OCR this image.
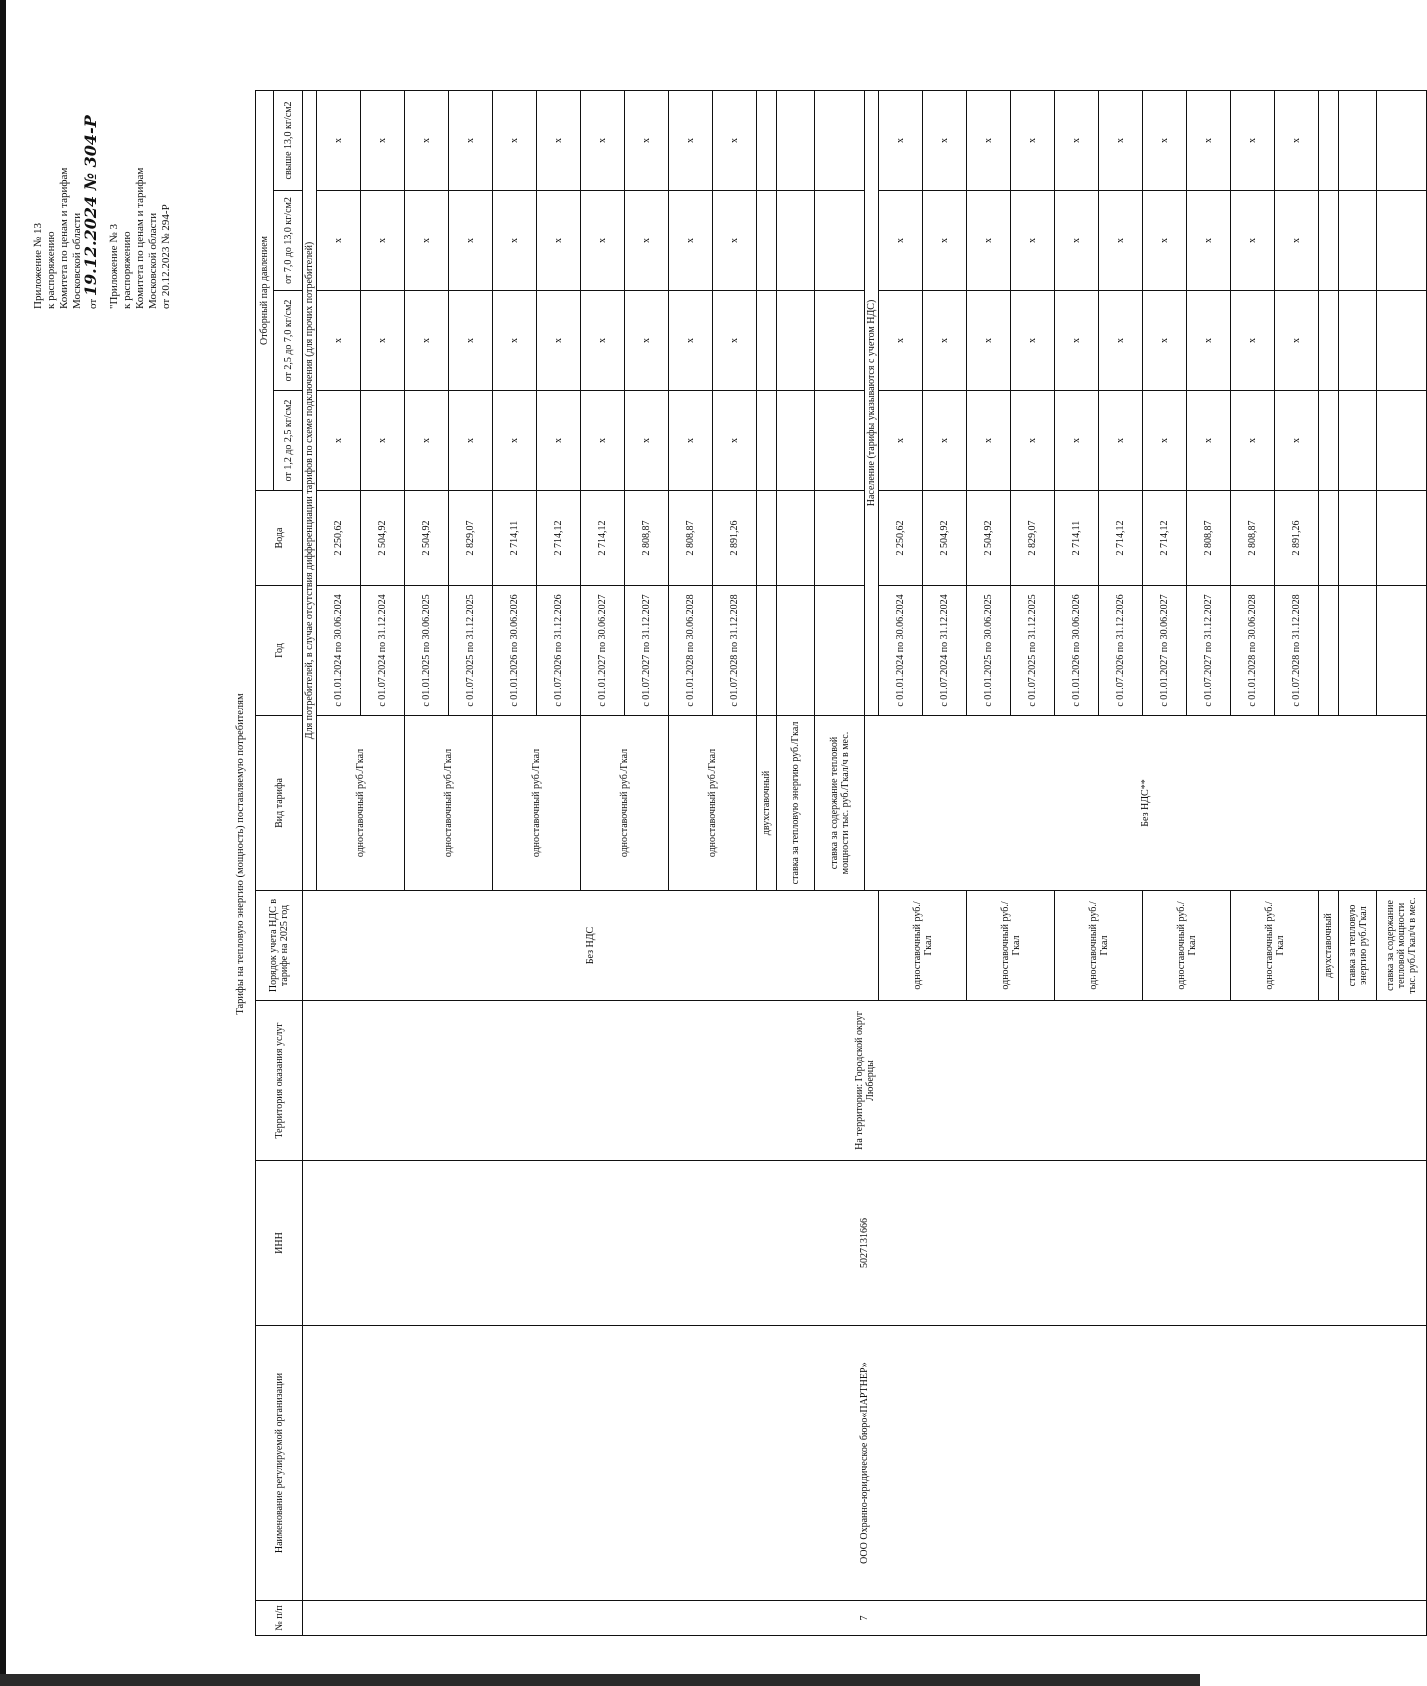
Приложение № 13 к распоряжению Комитета по ценам и тарифам Московской области от 19.12.2024 № 304-Р "Приложение № 3 к распоряжению Комитета по ценам и тарифам Московской области от 20.12.2023 № 294-Р
Тарифы на тепловую энергию (мощность) поставляемую потребителям
№ п/п	Наименование регулируемой организации	ИНН	Территория оказания услуг	Порядок учета НДС в тарифе на 2025 год	Вид тарифа	Год	Вода	Отборный пар давлением	
								от 1,2 до 2,5 кг/см2	от 2,5 до 7,0 кг/см2	от 7,0 до 13,0 кг/см2	свыше 13,0 кг/см2	
7	ООО Охранно-юридическое бюро«ПАРТНЕР»	5027131666	На территории: Городской округ Люберцы	Без НДС	Для потребителей, в случае отсутствия дифференциации тарифов по схеме подключения (для прочих потребителей)							
					одноставочный руб./Гкал	с 01.01.2024 по 30.06.2024	2 250,62	x	x	x	x	
						с 01.07.2024 по 31.12.2024	2 504,92	x	x	x	x	
					одноставочный руб./Гкал	с 01.01.2025 по 30.06.2025	2 504,92	x	x	x	x	
						с 01.07.2025 по 31.12.2025	2 829,07	x	x	x	x	
					одноставочный руб./Гкал	с 01.01.2026 по 30.06.2026	2 714,11	x	x	x	x	
						с 01.07.2026 по 31.12.2026	2 714,12	x	x	x	x	
					одноставочный руб./Гкал	с 01.01.2027 по 30.06.2027	2 714,12	x	x	x	x	
						с 01.07.2027 по 31.12.2027	2 808,87	x	x	x	x	
					одноставочный руб./Гкал	с 01.01.2028 по 30.06.2028	2 808,87	x	x	x	x	
						с 01.07.2028 по 31.12.2028	2 891,26	x	x	x	x	
					двухставочный							
					ставка за тепловую энергию руб./Гкал							
					ставка за содержание тепловой мощности тыс. руб./Гкал/ч в мес.							
					Без НДС**	Население (тарифы указываются с учетом НДС)						
				одноставочный руб./Гкал		с 01.01.2024 по 30.06.2024	2 250,62	x	x	x	x	
						с 01.07.2024 по 31.12.2024	2 504,92	x	x	x	x	
				одноставочный руб./Гкал		с 01.01.2025 по 30.06.2025	2 504,92	x	x	x	x	
						с 01.07.2025 по 31.12.2025	2 829,07	x	x	x	x	
				одноставочный руб./Гкал		с 01.01.2026 по 30.06.2026	2 714,11	x	x	x	x	
						с 01.07.2026 по 31.12.2026	2 714,12	x	x	x	x	
				одноставочный руб./Гкал		с 01.01.2027 по 30.06.2027	2 714,12	x	x	x	x	
						с 01.07.2027 по 31.12.2027	2 808,87	x	x	x	x	
				одноставочный руб./Гкал		с 01.01.2028 по 30.06.2028	2 808,87	x	x	x	x	
						с 01.07.2028 по 31.12.2028	2 891,26	x	x	x	x	
				двухставочный								
				ставка за тепловую энергию руб./Гкал								
				ставка за содержание тепловой мощности тыс. руб./Гкал/ч в мес.								
